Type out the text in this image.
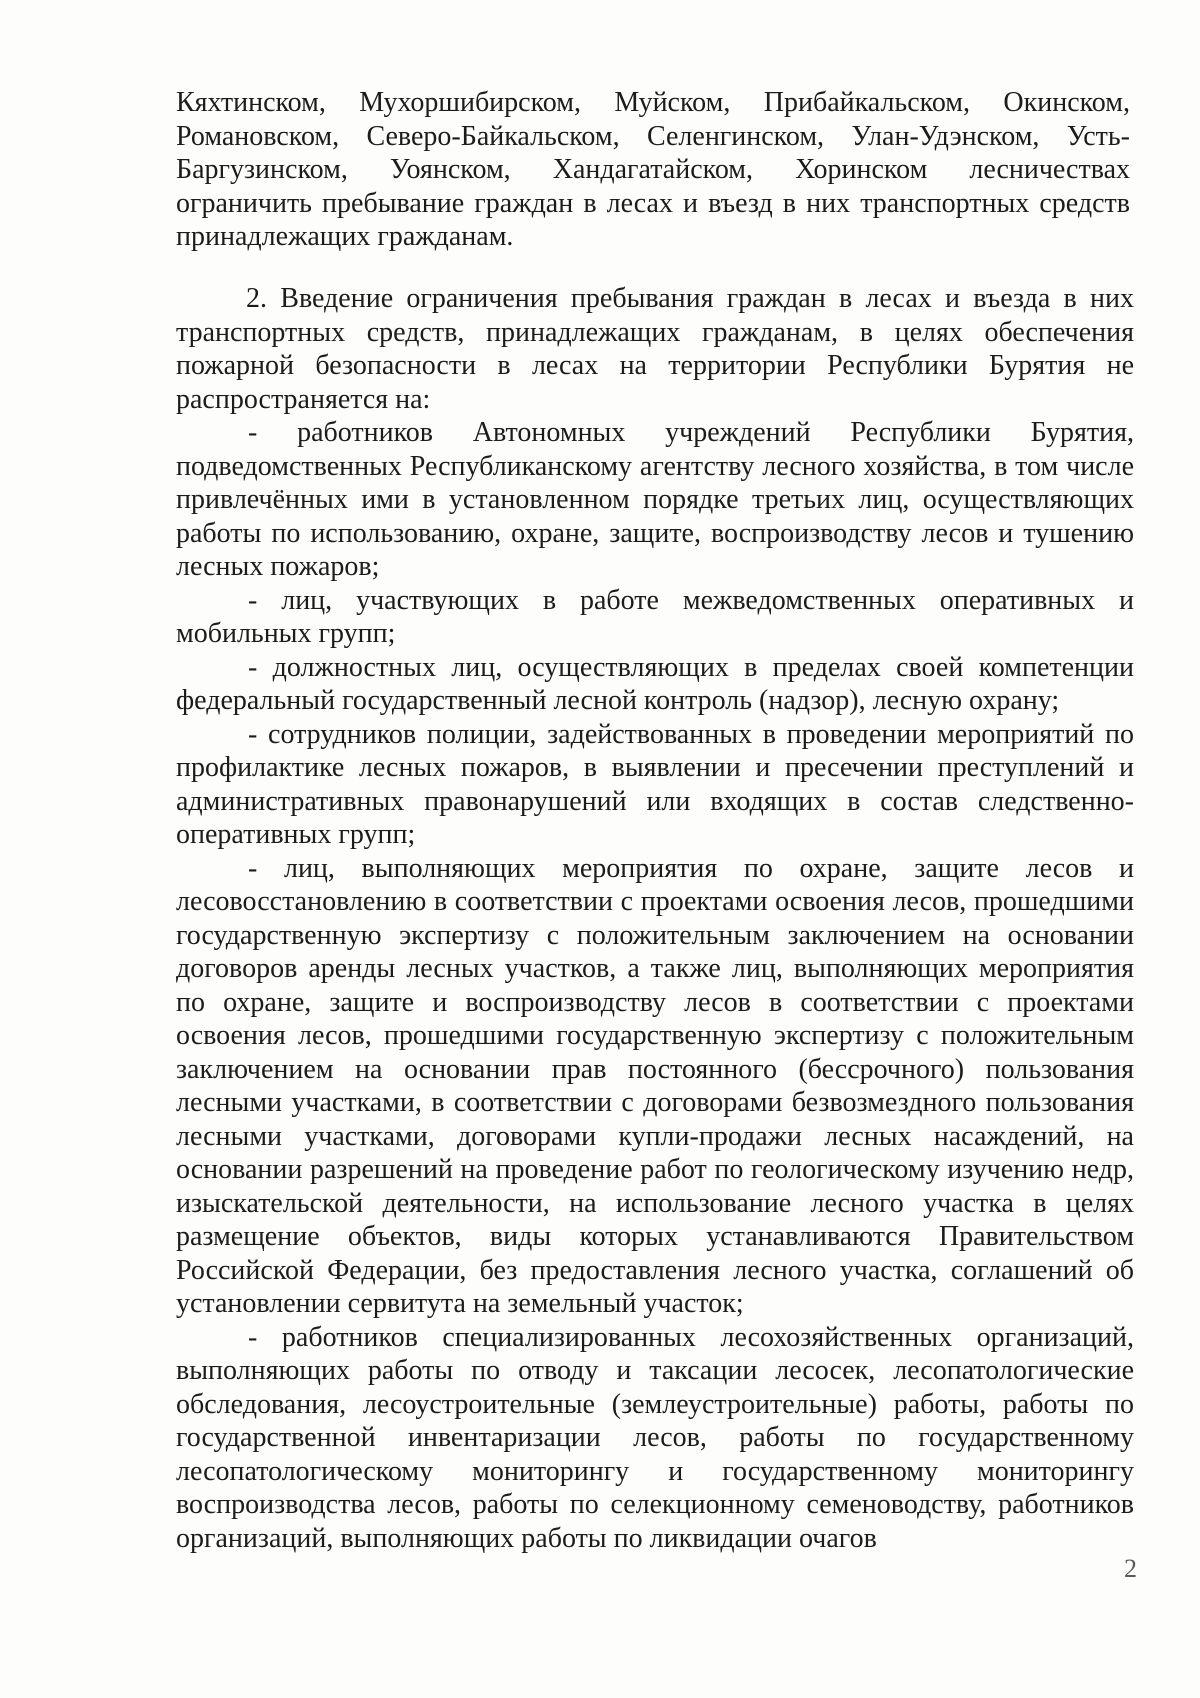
Кяхтинском, Мухоршибирском, Муйском, Прибайкальском, Окинском, Романовском, Северо-Байкальском, Селенгинском, Улан-Удэнском, Усть-Баргузинском, Уоянском, Хандагатайском, Хоринском лесничествах ограничить пребывание граждан в лесах и въезд в них транспортных средств принадлежащих гражданам.

2. Введение ограничения пребывания граждан в лесах и въезда в них транспортных средств, принадлежащих гражданам, в целях обеспечения пожарной безопасности в лесах на территории Республики Бурятия не распространяется на:

- работников Автономных учреждений Республики Бурятия, подведомственных Республиканскому агентству лесного хозяйства, в том числе привлечённых ими в установленном порядке третьих лиц, осуществляющих работы по использованию, охране, защите, воспроизводству лесов и тушению лесных пожаров;

- лиц, участвующих в работе межведомственных оперативных и мобильных групп;

- должностных лиц, осуществляющих в пределах своей компетенции федеральный государственный лесной контроль (надзор), лесную охрану;

- сотрудников полиции, задействованных в проведении мероприятий по профилактике лесных пожаров, в выявлении и пресечении преступлений и административных правонарушений или входящих в состав следственно-оперативных групп;

- лиц, выполняющих мероприятия по охране, защите лесов и лесовосстановлению в соответствии с проектами освоения лесов, прошедшими государственную экспертизу с положительным заключением на основании договоров аренды лесных участков, а также лиц, выполняющих мероприятия по охране, защите и воспроизводству лесов в соответствии с проектами освоения лесов, прошедшими государственную экспертизу с положительным заключением на основании прав постоянного (бессрочного) пользования лесными участками, в соответствии с договорами безвозмездного пользования лесными участками, договорами купли-продажи лесных насаждений, на основании разрешений на проведение работ по геологическому изучению недр, изыскательской деятельности, на использование лесного участка в целях размещение объектов, виды которых устанавливаются Правительством Российской Федерации, без предоставления лесного участка, соглашений об установлении сервитута на земельный участок;

- работников специализированных лесохозяйственных организаций, выполняющих работы по отводу и таксации лесосек, лесопатологические обследования, лесоустроительные (землеустроительные) работы, работы по государственной инвентаризации лесов, работы по государственному лесопатологическому мониторингу и государственному мониторингу воспроизводства лесов, работы по селекционному семеноводству, работников организаций, выполняющих работы по ликвидации очагов

2
